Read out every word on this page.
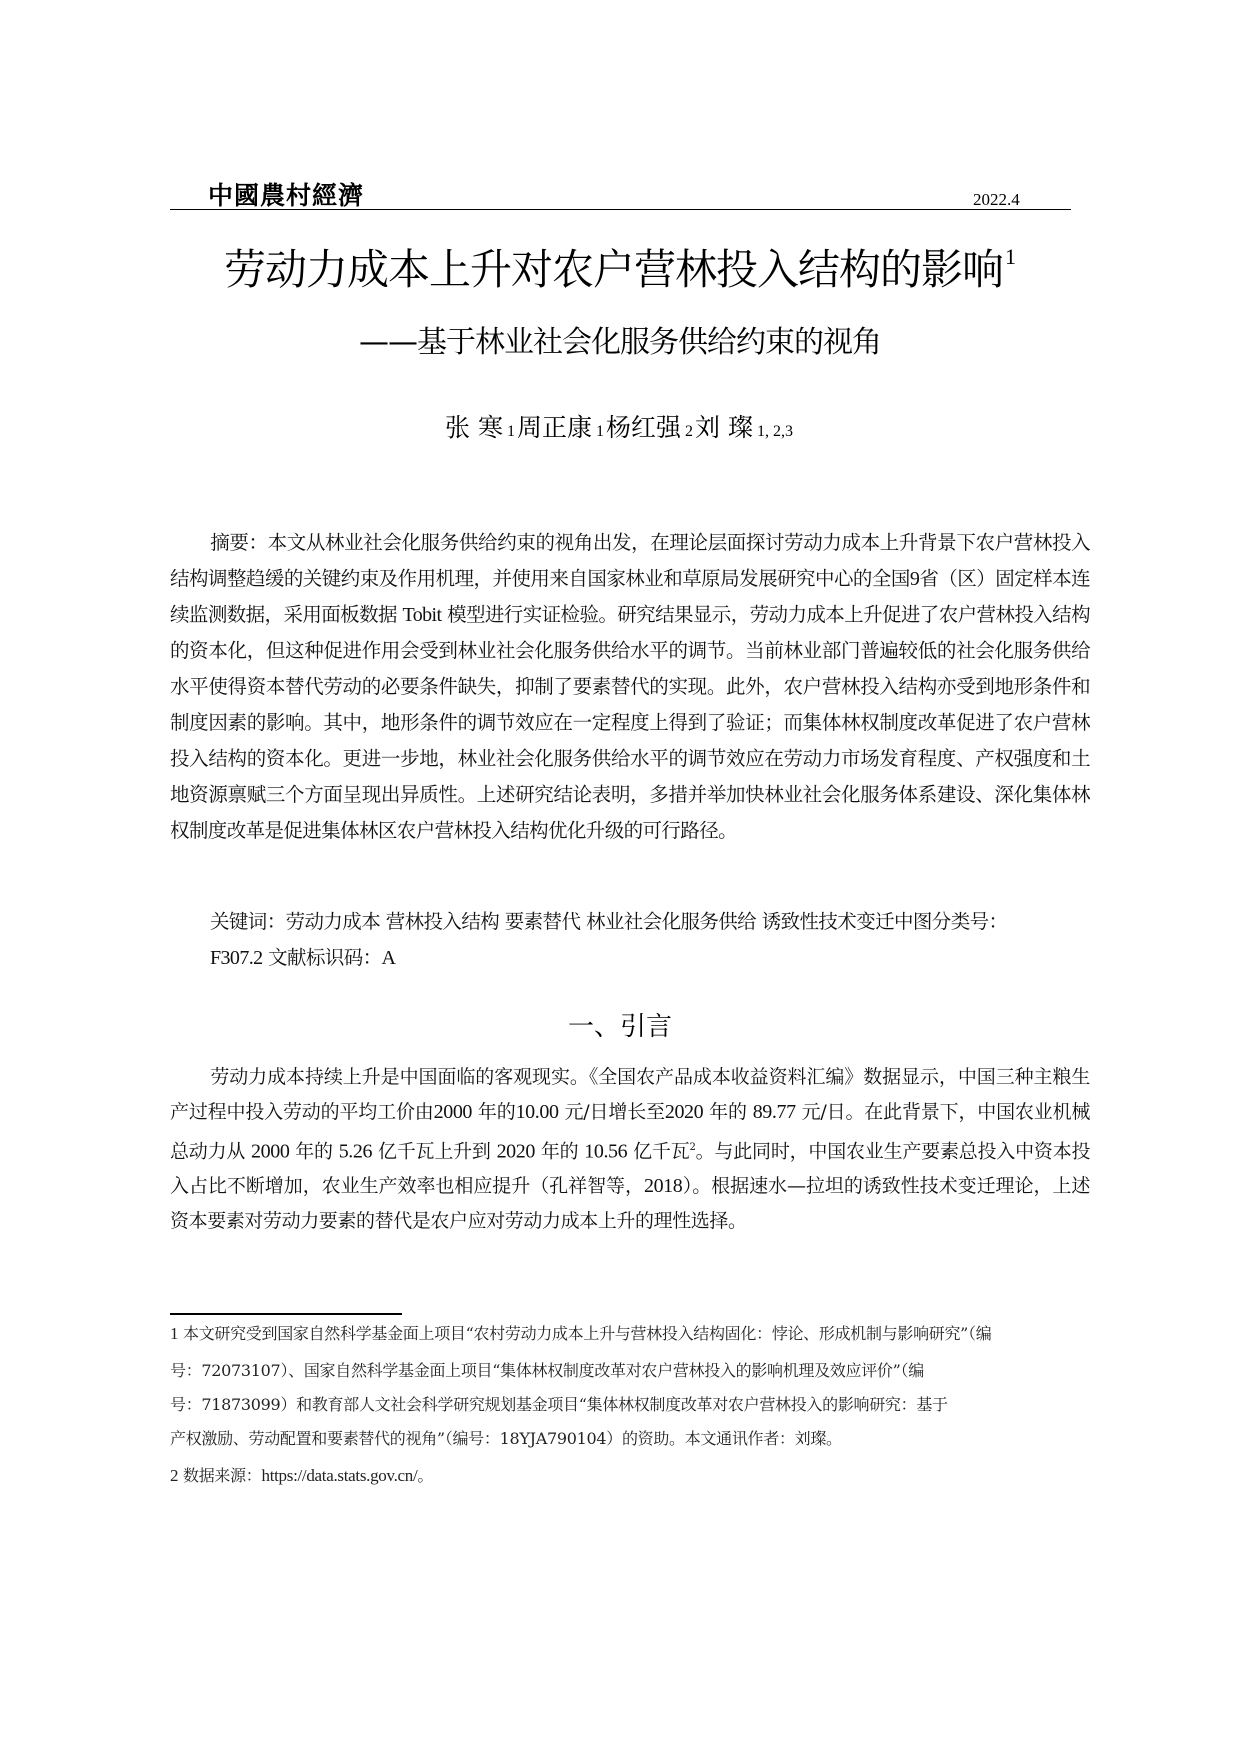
中國農村經濟	2022.4
劳动力成本上升对农户营林投入结构的影响$^1$
——基于林业社会化服务供给约束的视角
张 寒 1周正康 1杨红强 2刘 璨 1, 2,3
摘要：本文从林业社会化服务供给约束的视角出发，在理论层面探讨劳动力成本上升背景下农户营林投入结构调整趋缓的关键约束及作用机理，并使用来自国家林业和草原局发展研究中心的全国9省（区）固定样本连续监测数据，采用面板数据 Tobit 模型进行实证检验。研究结果显示，劳动力成本上升促进了农户营林投入结构的资本化，但这种促进作用会受到林业社会化服务供给水平的调节。当前林业部门普遍较低的社会化服务供给水平使得资本替代劳动的必要条件缺失，抑制了要素替代的实现。此外，农户营林投入结构亦受到地形条件和制度因素的影响。其中，地形条件的调节效应在一定程度上得到了验证；而集体林权制度改革促进了农户营林投入结构的资本化。更进一步地，林业社会化服务供给水平的调节效应在劳动力市场发育程度、产权强度和土地资源禀赋三个方面呈现出异质性。上述研究结论表明，多措并举加快林业社会化服务体系建设、深化集体林权制度改革是促进集体林区农户营林投入结构优化升级的可行路径。
关键词：劳动力成本 营林投入结构 要素替代 林业社会化服务供给 诱致性技术变迁中图分类号：
F307.2 文献标识码：A
一、引言
劳动力成本持续上升是中国面临的客观现实。《全国农产品成本收益资料汇编》数据显示，中国三种主粮生产过程中投入劳动的平均工价由2000 年的10.00 元/日增长至2020 年的 89.77 元/日。在此背景下，中国农业机械总动力从 2000 年的 5.26 亿千瓦上升到 2020 年的 10.56 亿千瓦$^2$。与此同时，中国农业生产要素总投入中资本投入占比不断增加，农业生产效率也相应提升（孔祥智等，2018）。根据速水—拉坦的诱致性技术变迁理论，上述资本要素对劳动力要素的替代是农户应对劳动力成本上升的理性选择。
1 本文研究受到国家自然科学基金面上项目“农村劳动力成本上升与营林投入结构固化：悖论、形成机制与影响研究”（编
号：72073107）、国家自然科学基金面上项目“集体林权制度改革对农户营林投入的影响机理及效应评价”（编
号：71873099）和教育部人文社会科学研究规划基金项目“集体林权制度改革对农户营林投入的影响研究：基于
产权激励、劳动配置和要素替代的视角”（编号：18YJA790104）的资助。本文通讯作者：刘璨。
2 数据来源：https://data.stats.gov.cn/。
